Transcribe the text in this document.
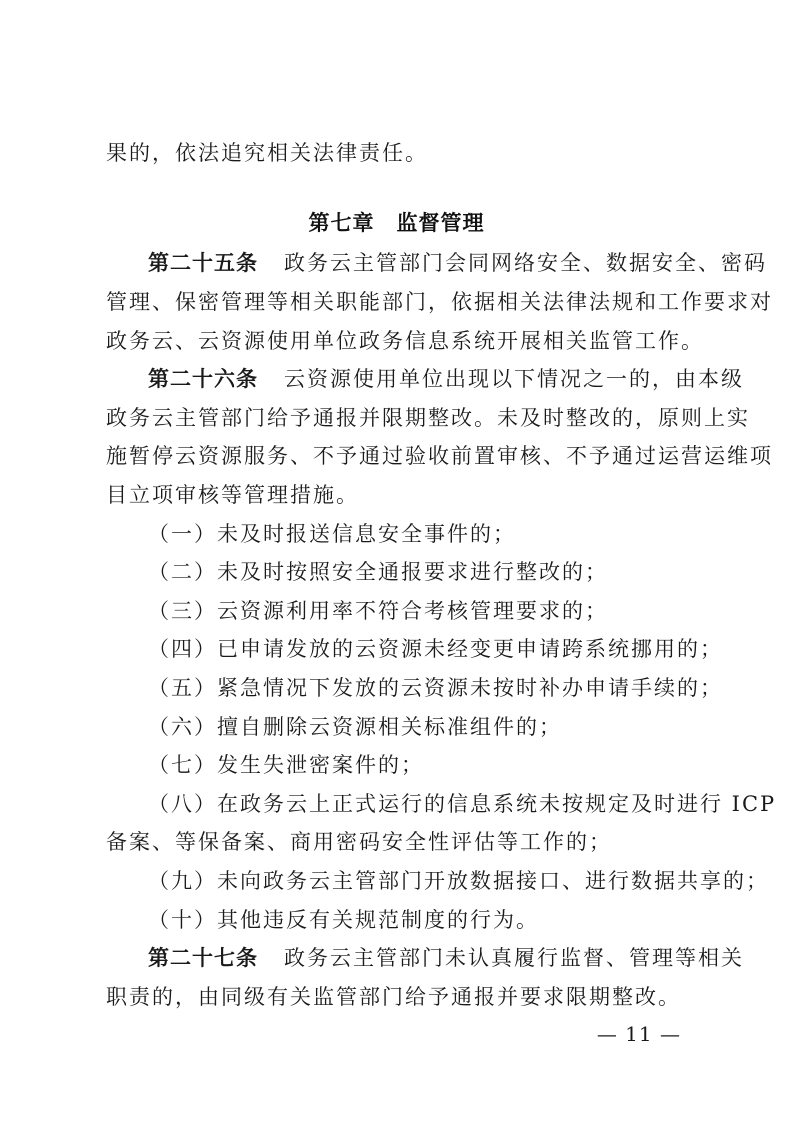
果的，依法追究相关法律责任。
第七章　监督管理
第二十五条 政务云主管部门会同网络安全、数据安全、密码
管理、保密管理等相关职能部门，依据相关法律法规和工作要求对
政务云、云资源使用单位政务信息系统开展相关监管工作。
第二十六条 云资源使用单位出现以下情况之一的，由本级
政务云主管部门给予通报并限期整改。未及时整改的，原则上实
施暂停云资源服务、不予通过验收前置审核、不予通过运营运维项
目立项审核等管理措施。
（一）未及时报送信息安全事件的；
（二）未及时按照安全通报要求进行整改的；
（三）云资源利用率不符合考核管理要求的；
（四）已申请发放的云资源未经变更申请跨系统挪用的；
（五）紧急情况下发放的云资源未按时补办申请手续的；
（六）擅自删除云资源相关标准组件的；
（七）发生失泄密案件的；
（八）在政务云上正式运行的信息系统未按规定及时进行 ICP
备案、等保备案、商用密码安全性评估等工作的；
（九）未向政务云主管部门开放数据接口、进行数据共享的；
（十）其他违反有关规范制度的行为。
第二十七条 政务云主管部门未认真履行监督、管理等相关
职责的，由同级有关监管部门给予通报并要求限期整改。
— 11 —
